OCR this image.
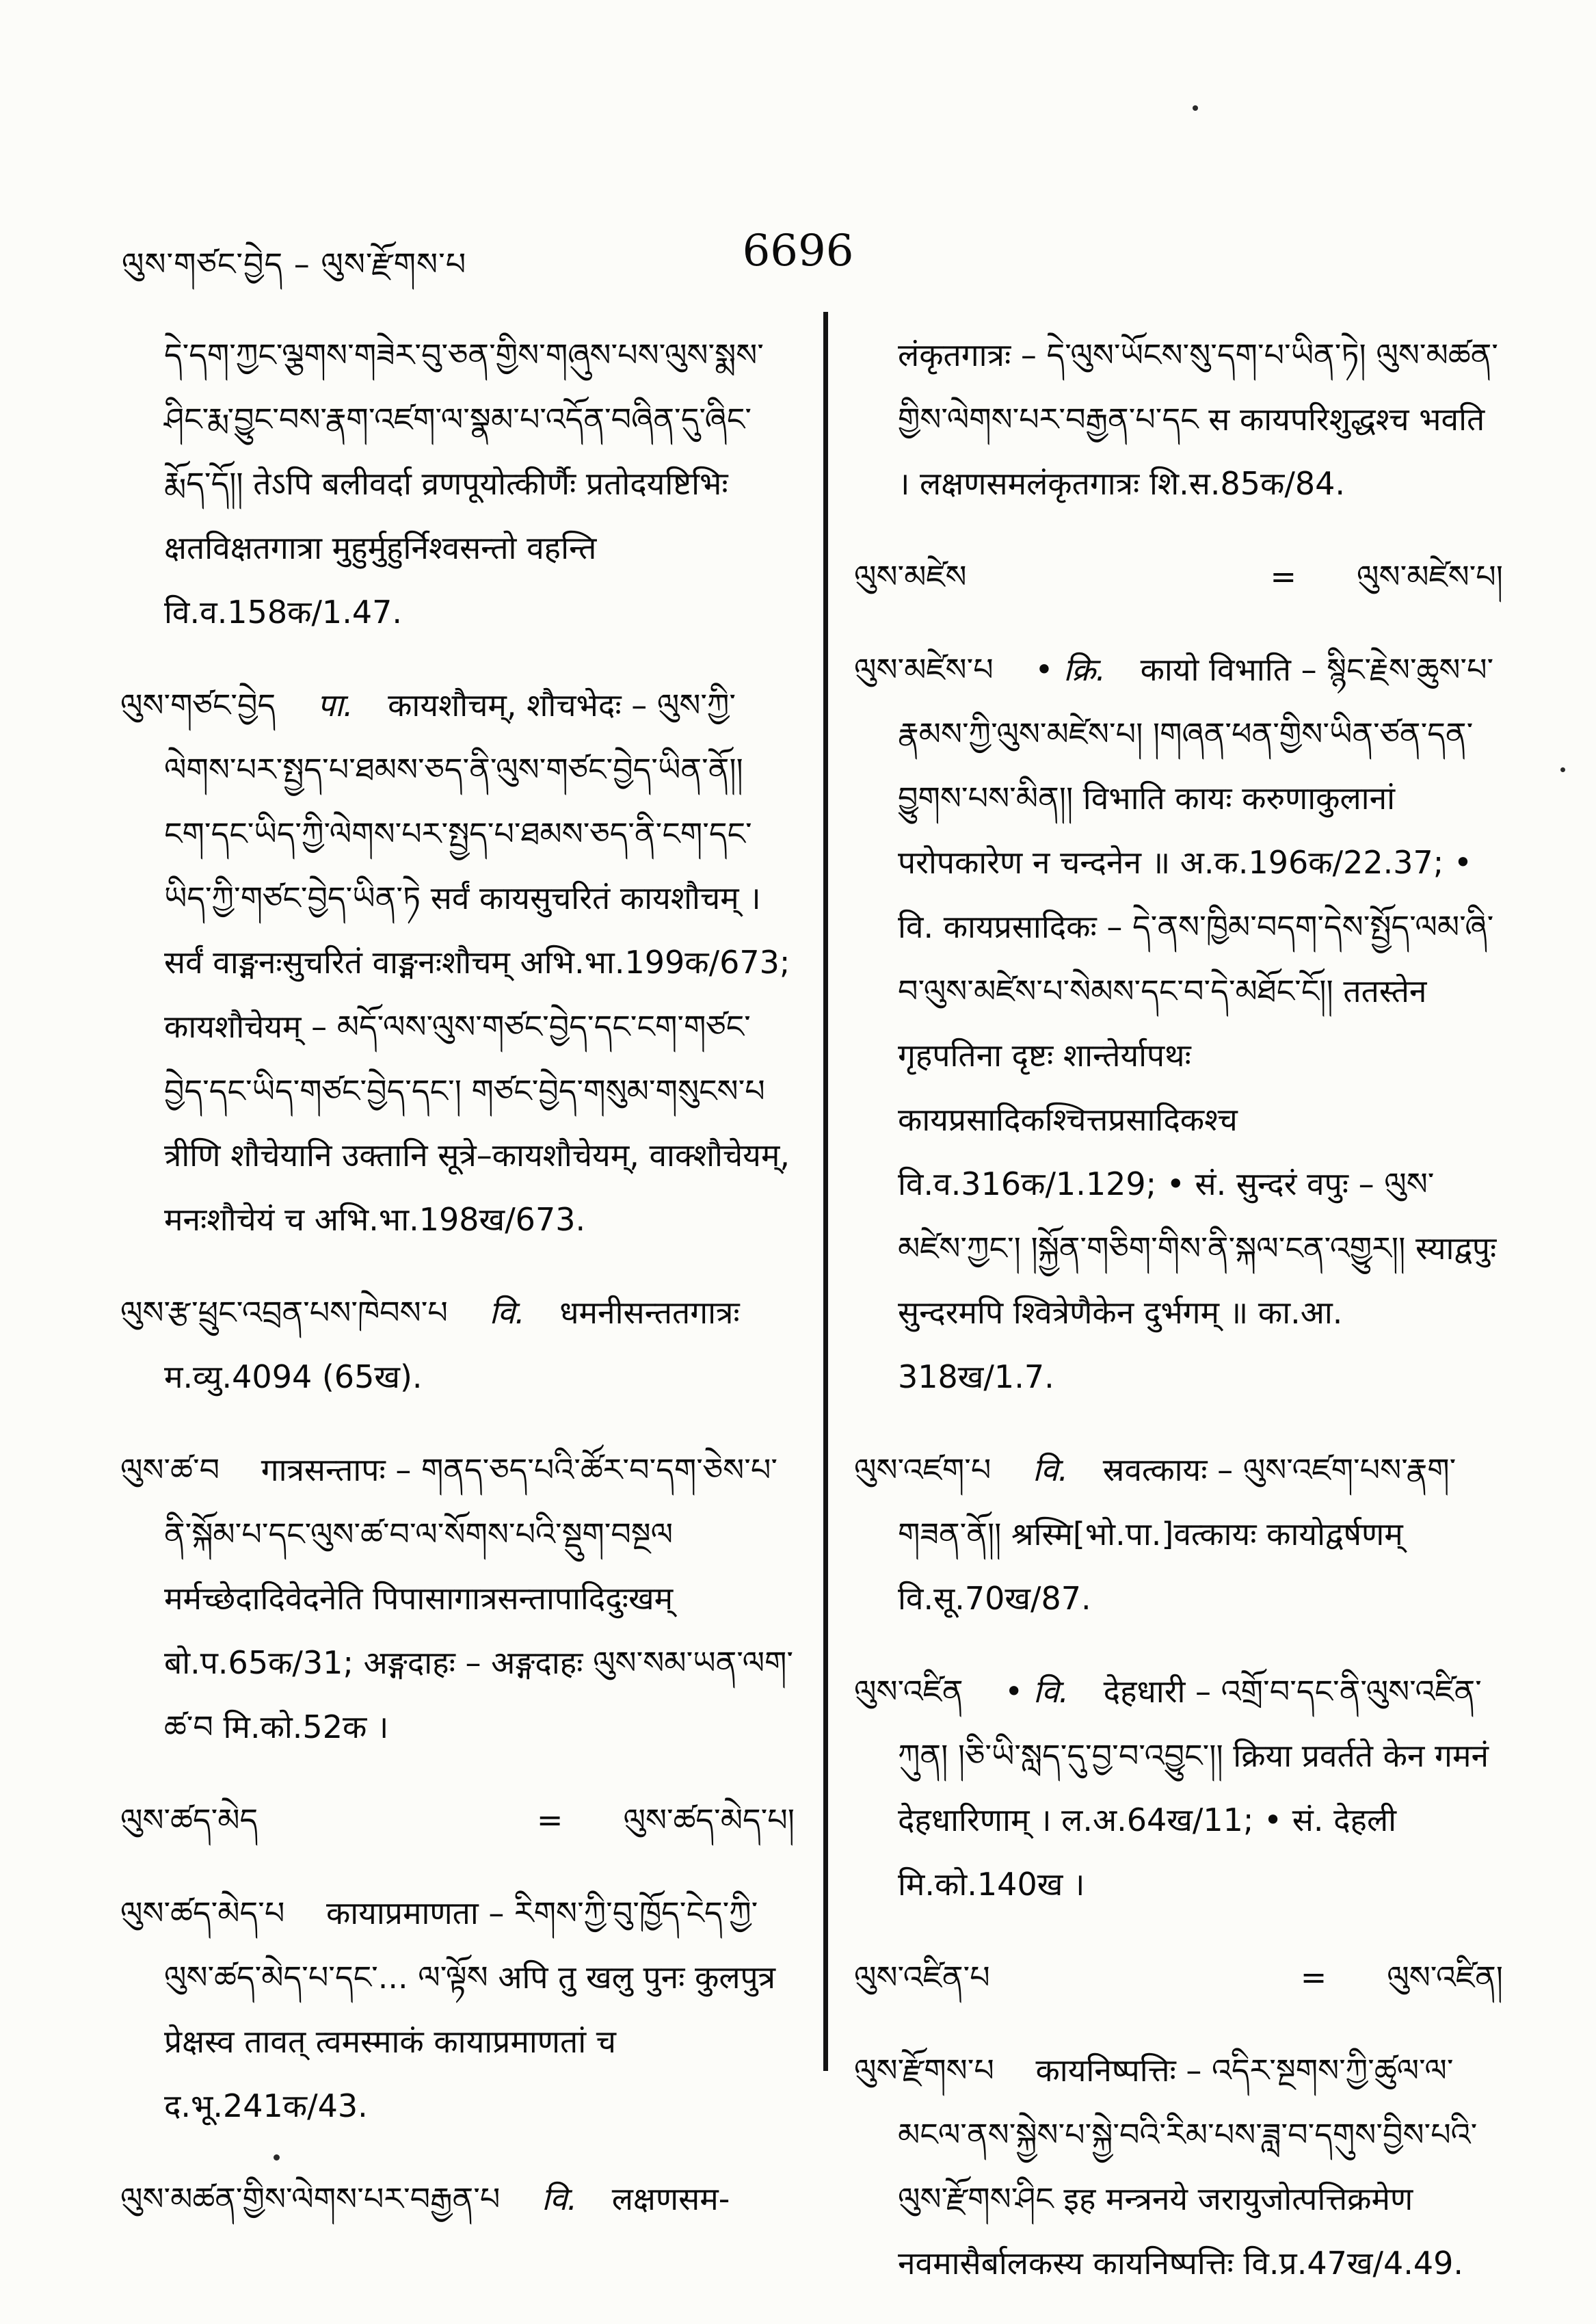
ལུས་གཙང་བྱེད – ལུས་རྫོགས་པ	6696

དེ་དག་ཀྱང་ལྕགས་གཟེར་བུ་ཅན་གྱིས་གཞུས་པས་ལུས་སྨས་ཤིང་རྨ་བྱུང་བས་རྣག་འཛག་ལ་སྣམ་པ་འདོན་བཞིན་དུ་ཞིང་རྨོད་དོ།། तेऽपि बलीवर्दा व्रणपूयोत्कीर्णैः प्रतोदयष्टिभिः क्षतविक्षतगात्रा मुहुर्मुहुर्निश्वसन्तो वहन्ति वि.व.158क/1.47.

ལུས་གཙང་བྱེད पा. कायशौचम्, शौचभेदः – ལུས་ཀྱི་ལེགས་པར་སྤྱད་པ་ཐམས་ཅད་ནི་ལུས་གཙང་བྱེད་ཡིན་ནོ།། ངག་དང་ཡིད་ཀྱི་ལེགས་པར་སྤྱད་པ་ཐམས་ཅད་ནི་ངག་དང་ཡིད་ཀྱི་གཙང་བྱེད་ཡིན་ཏེ सर्वं कायसुचरितं कायशौचम् । सर्वं वाङ्मनःसुचरितं वाङ्मनःशौचम् अभि.भा.199क/673; कायशौचेयम् – མདོ་ལས་ལུས་གཙང་བྱེད་དང་ངག་གཙང་བྱེད་དང་ཡིད་གཙང་བྱེད་དང་། གཙང་བྱེད་གསུམ་གསུངས་པ त्रीणि शौचेयानि उक्तानि सूत्रे–कायशौचेयम्, वाक्शौचेयम्, मनःशौचेयं च अभि.भा.198ख/673.

ལུས་རྩ་ཕྲུང་འབྲན་པས་ཁེབས་པ वि. धमनीसन्ततगात्रः म.व्यु.4094 (65ख).

ལུས་ཚ་བ गात्रसन्तापः – གནད་ཅད་པའི་ཚོར་བ་དག་ཅེས་པ་ནི་སྐོམ་པ་དང་ལུས་ཚ་བ་ལ་སོགས་པའི་སྡུག་བསྔལ मर्मच्छेदादिवेदनेति पिपासागात्रसन्तापादिदुःखम् बो.प.65क/31; अङ्गदाहः – अङ्गदाहः ལུས་སམ་ཡན་ལག་ཚ་བ मि.को.52क ।

ལུས་ཚད་མེད	= ལུས་ཚད་མེད་པ།

ལུས་ཚད་མེད་པ कायाप्रमाणता – རིགས་ཀྱི་བུ་ཁྱོད་ངེད་ཀྱི་ལུས་ཚད་མེད་པ་དང་... ལ་ལྟོས अपि तु खलु पुनः कुलपुत्र प्रेक्षस्व तावत् त्वमस्माकं कायाप्रमाणतां च द.भू.241क/43.

ལུས་མཚན་གྱིས་ལེགས་པར་བརྒྱན་པ वि. लक्षणसम-

लंकृतगात्रः – དེ་ལུས་ཡོངས་སུ་དག་པ་ཡིན་ཏེ། ལུས་མཚན་གྱིས་ལེགས་པར་བརྒྱན་པ་དང स कायपरिशुद्धश्च भवति । लक्षणसमलंकृतगात्रः शि.स.85क/84.

ལུས་མཛེས	= ལུས་མཛེས་པ།

ལུས་མཛེས་པ • क्रि. कायो विभाति – སྙིང་རྗེས་ཆུས་པ་རྣམས་ཀྱི་ལུས་མཛེས་པ། །གཞན་ཕན་གྱིས་ཡིན་ཙན་དན་བྱུགས་པས་མིན།། विभाति कायः करुणाकुलानां परोपकारेण न चन्दनेन ॥ अ.क.196क/22.37; • वि. कायप्रसादिकः – དེ་ནས་ཁྱིམ་བདག་དེས་སྤྱོད་ལམ་ཞི་བ་ལུས་མཛེས་པ་སེམས་དང་བ་དེ་མཐོང་ངོ།། ततस्तेन गृहपतिना दृष्टः शान्तेर्यापथः कायप्रसादिकश्चित्तप्रसादिकश्च वि.व.316क/1.129; • सं. सुन्दरं वपुः – ལུས་མཛེས་ཀྱང་། །སྐྱོན་གཅིག་གིས་ནི་སྐལ་ངན་འགྱུར།། स्याद्वपुः सुन्दरमपि श्वित्रेणैकेन दुर्भगम् ॥ का.आ. 318ख/1.7.

ལུས་འཛག་པ वि. स्रवत्कायः – ལུས་འཛག་པས་རྣག་གཟན་ནོ།། श्रस्मि[भो.पा.]वत्कायः कायोद्वर्षणम् वि.सू.70ख/87.

ལུས་འཛིན • वि. देहधारी – འགྲོ་བ་དང་ནི་ལུས་འཛིན་ཀུན། །ཅི་ཡི་སླད་དུ་བྱ་བ་འབྱུང་།། क्रिया प्रवर्तते केन गमनं देहधारिणाम् । ल.अ.64ख/11; • सं. देहली मि.को.140ख ।

ལུས་འཛིན་པ	= ལུས་འཛིན།

ལུས་རྫོགས་པ कायनिष्पत्तिः – འདིར་སྔགས་ཀྱི་ཚུལ་ལ་མངལ་ནས་སྐྱེས་པ་སྐྱེ་བའི་རིམ་པས་ཟླ་བ་དགུས་བྱིས་པའི་ལུས་རྫོགས་ཤིང इह मन्त्रनये जरायुजोत्पत्तिक्रमेण नवमासैर्बालकस्य कायनिष्पत्तिः वि.प्र.47ख/4.49.
